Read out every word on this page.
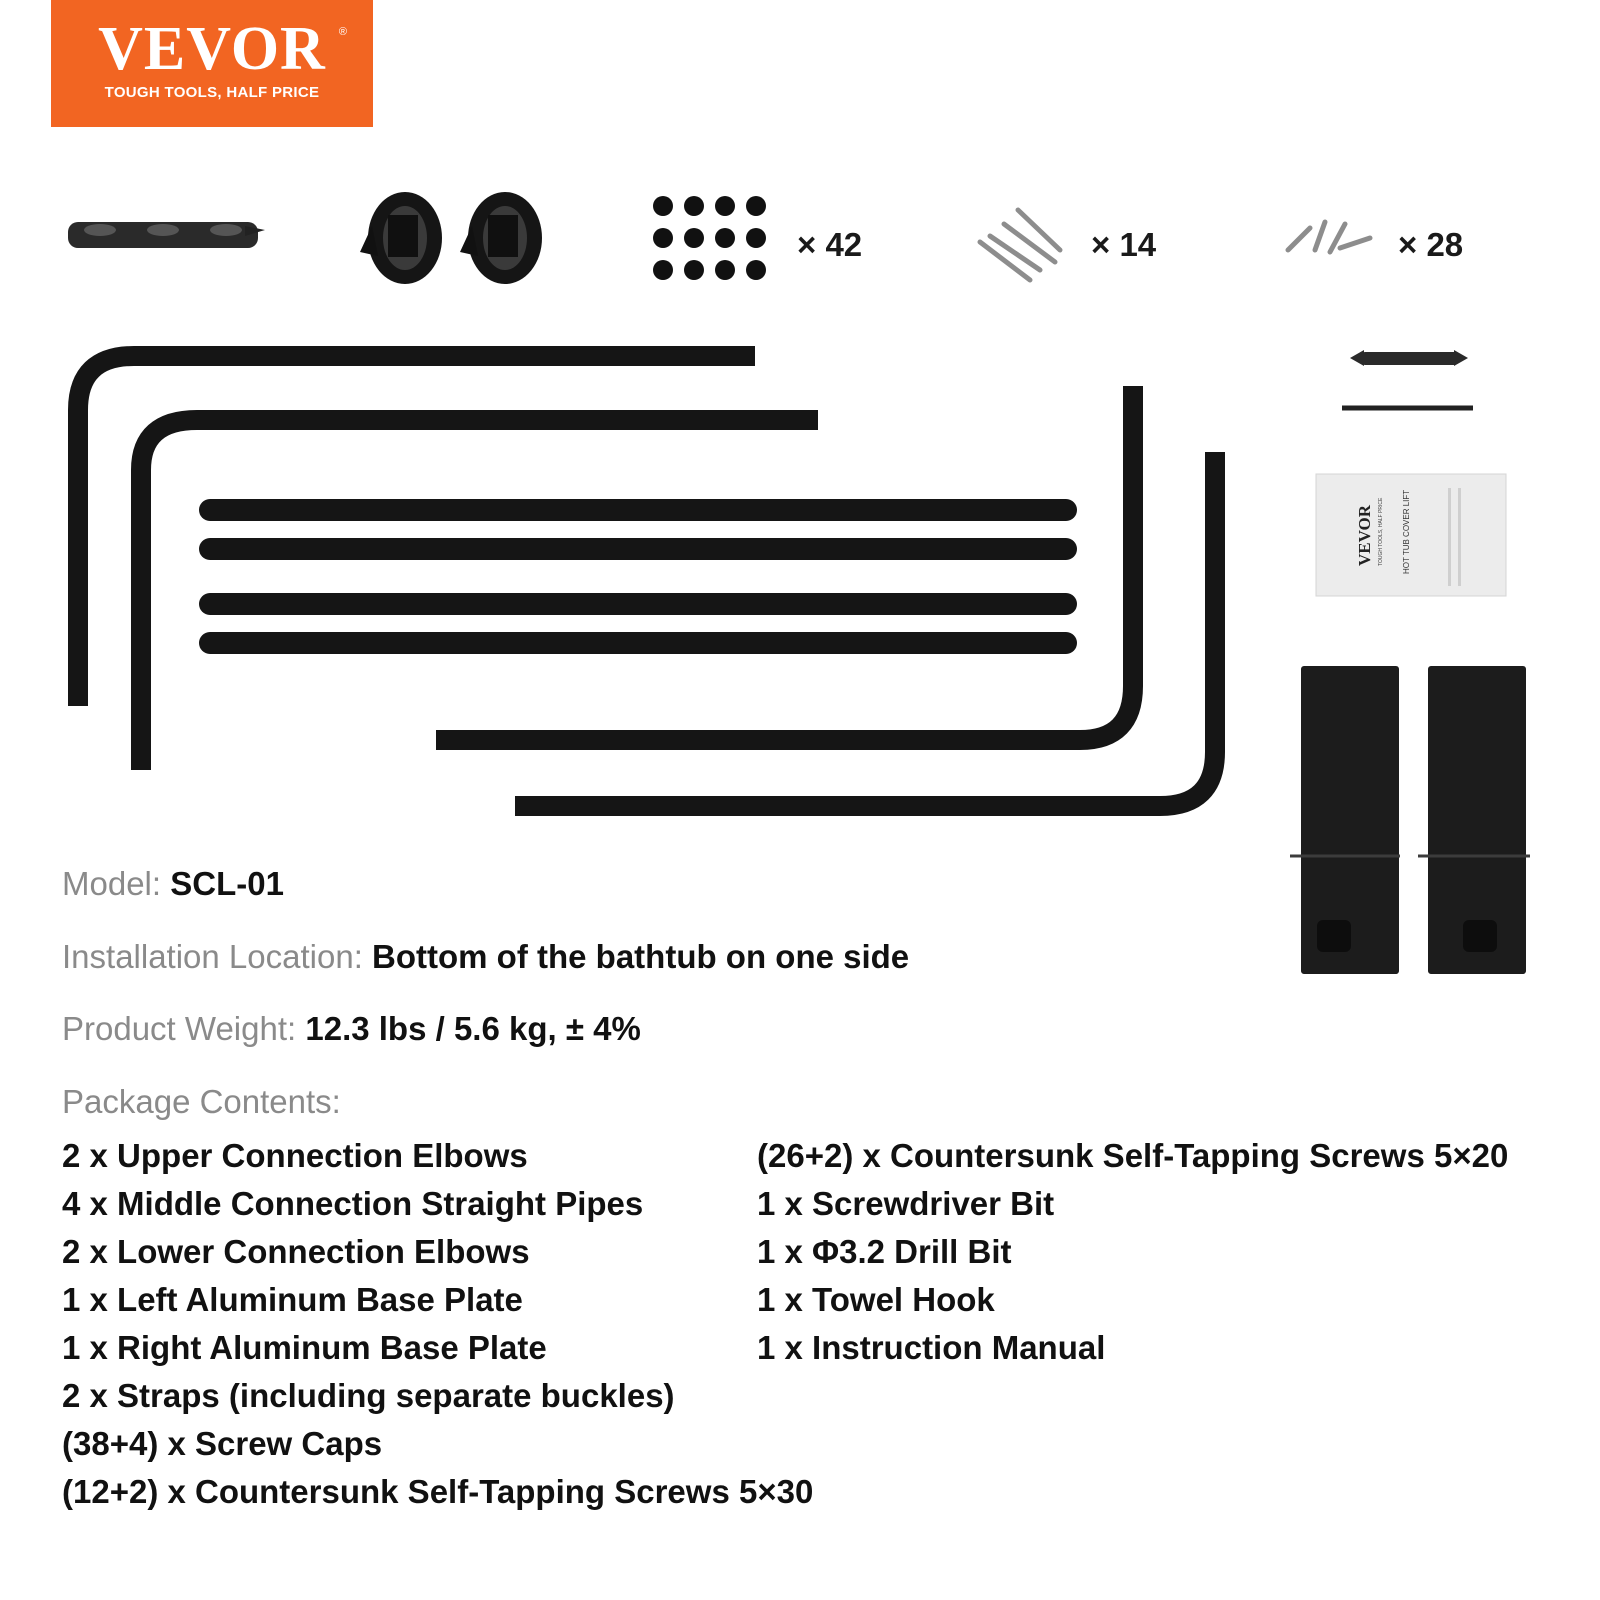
VEVOR	®
TOUGH TOOLS, HALF PRICE
VEVOR TOUGH TOOLS, HALF PRICE HOT TUB COVER LIFT
× 42	× 14	× 28
Model: SCL-01
Installation Location: Bottom of the bathtub on one side
Product Weight: 12.3 lbs / 5.6 kg, ± 4%
Package Contents:
2 x Upper Connection Elbows
4 x Middle Connection Straight Pipes
2 x Lower Connection Elbows
1 x Left Aluminum Base Plate
1 x Right Aluminum Base Plate
2 x Straps (including separate buckles)
(38+4) x Screw Caps
(12+2) x Countersunk Self-Tapping Screws 5×30
(26+2) x Countersunk Self-Tapping Screws 5×20
1 x Screwdriver Bit
1 x Φ3.2 Drill Bit
1 x Towel Hook
1 x Instruction Manual
